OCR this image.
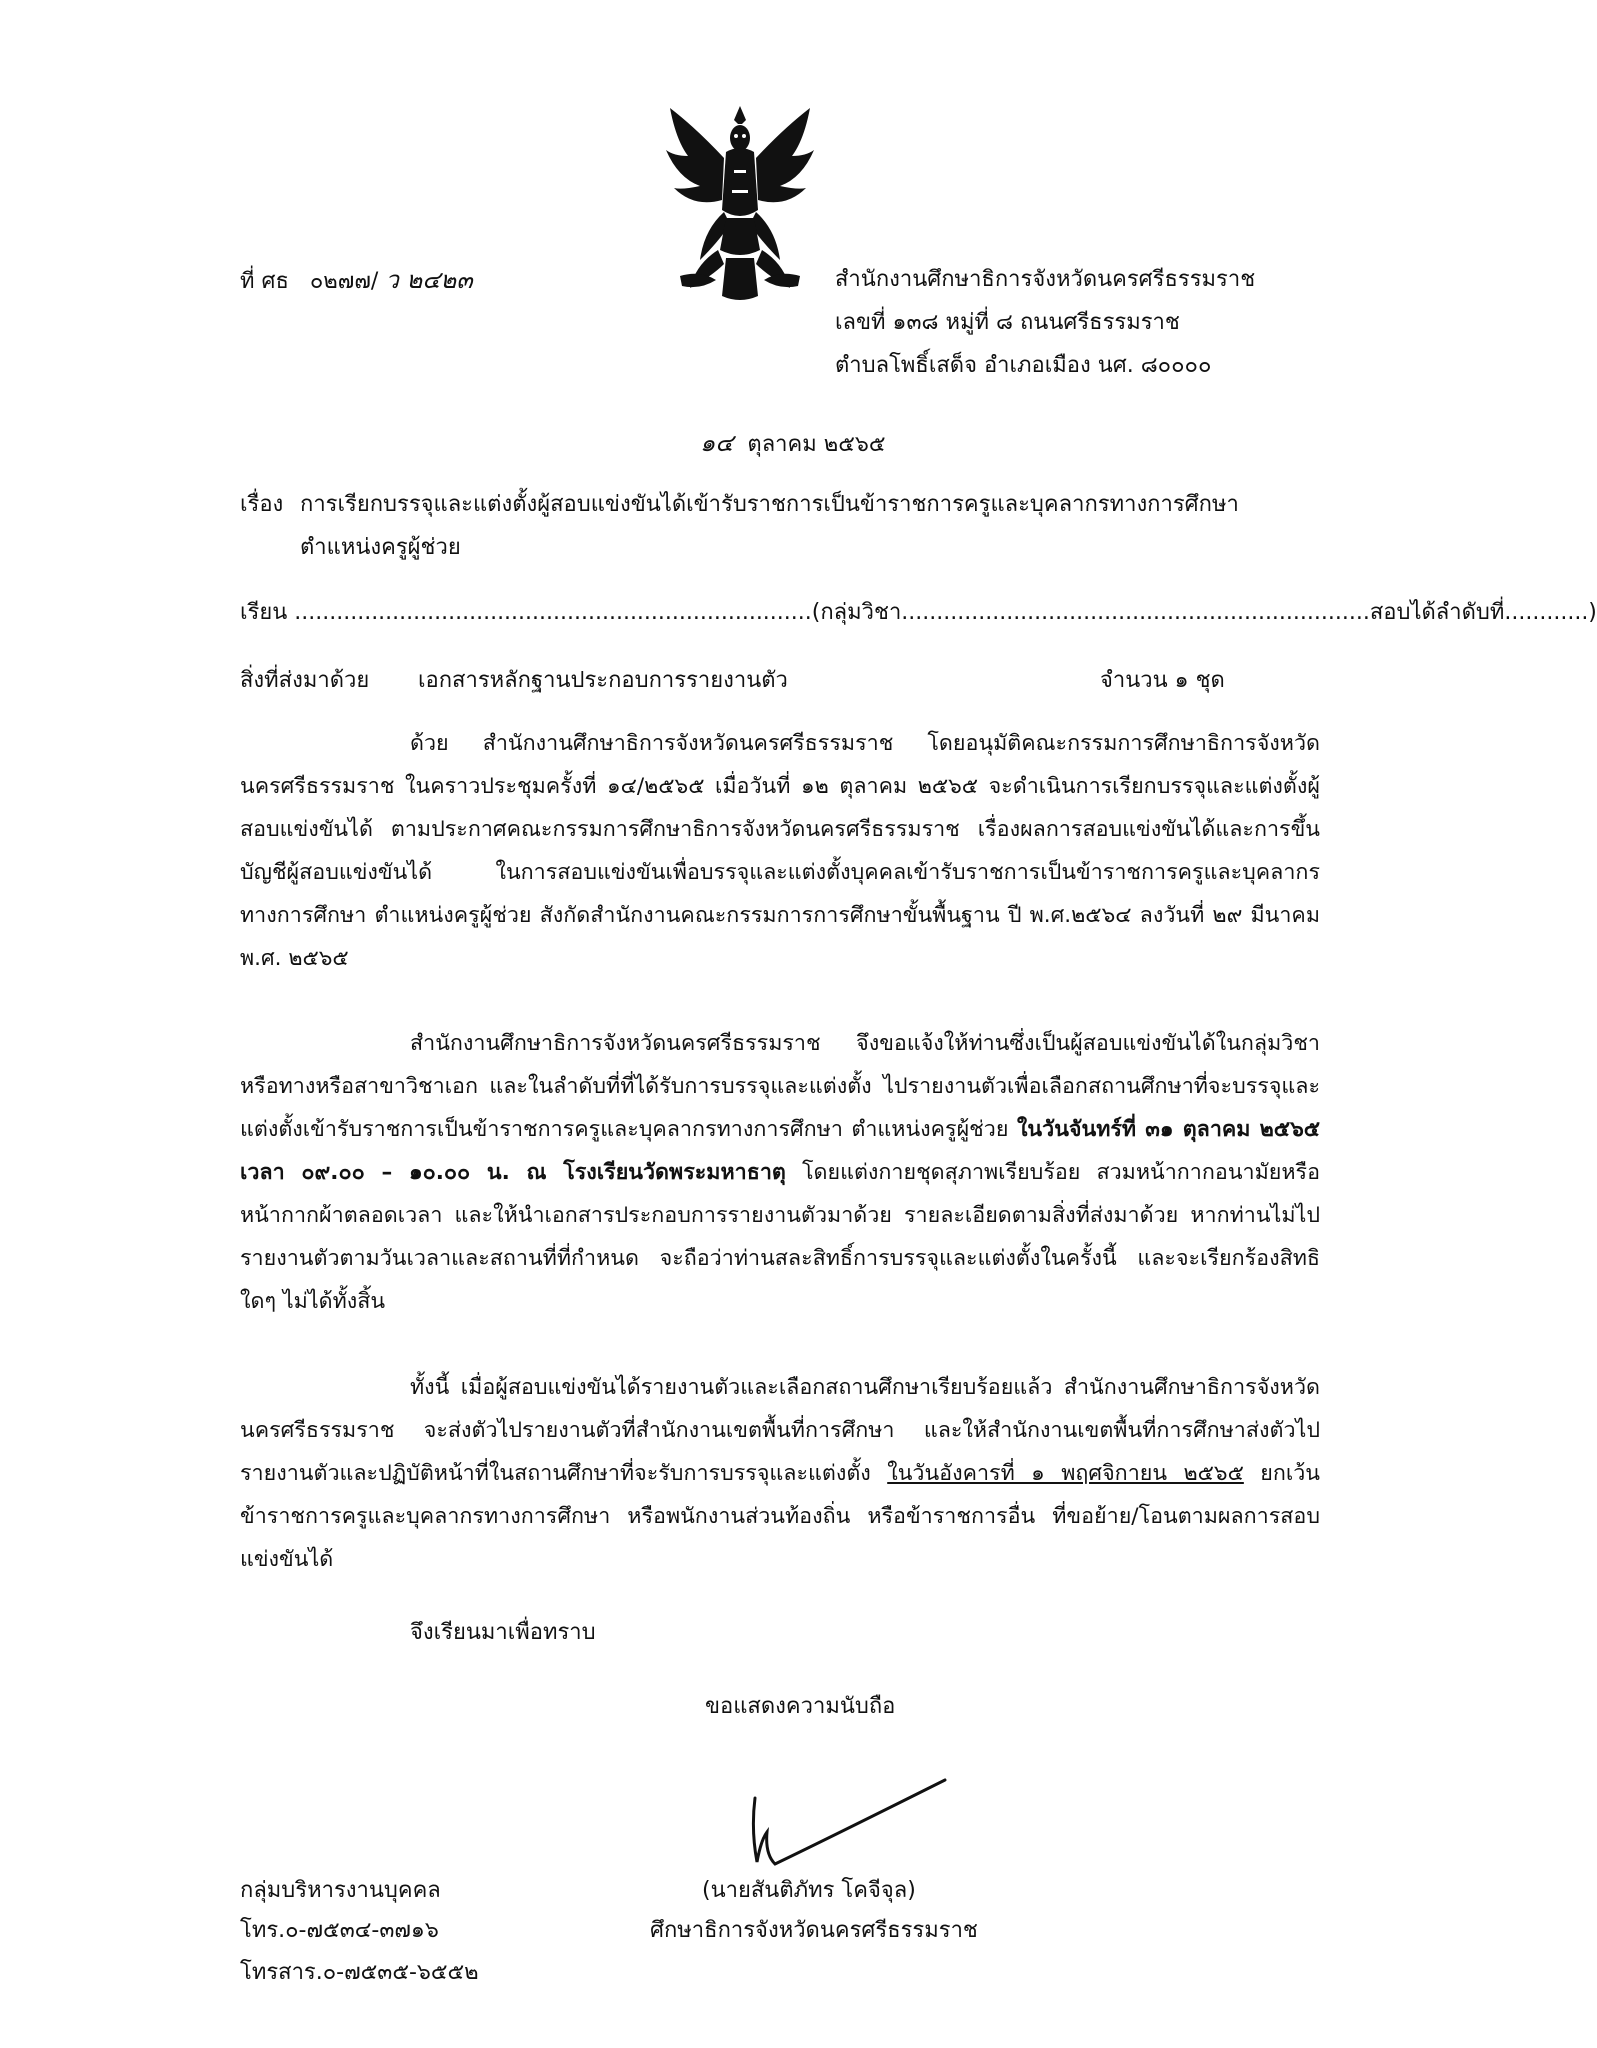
ที่ ศธ ๐๒๗๗/ ว ๒๔๒๓	สำนักงานศึกษาธิการจังหวัดนครศรีธรรมราช
เลขที่ ๑๓๘ หมู่ที่ ๘ ถนนศรีธรรมราช
ตำบลโพธิ์เสด็จ อำเภอเมือง นศ. ๘๐๐๐๐
๑๔ ตุลาคม ๒๕๖๕
เรื่อง การเรียกบรรจุและแต่งตั้งผู้สอบแข่งขันได้เข้ารับราชการเป็นข้าราชการครูและบุคลากรทางการศึกษา
ตำแหน่งครูผู้ช่วย
เรียน ..........................................................................(กลุ่มวิชา...................................................................สอบได้ลำดับที่............)
สิ่งที่ส่งมาด้วย เอกสารหลักฐานประกอบการรายงานตัว	จำนวน ๑ ชุด
ด้วย สำนักงานศึกษาธิการจังหวัดนครศรีธรรมราช โดยอนุมัติคณะกรรมการศึกษาธิการจังหวัดนครศรีธรรมราช ในคราวประชุมครั้งที่ ๑๔/๒๕๖๕ เมื่อวันที่ ๑๒ ตุลาคม ๒๕๖๕ จะดำเนินการเรียกบรรจุและแต่งตั้งผู้สอบแข่งขันได้ ตามประกาศคณะกรรมการศึกษาธิการจังหวัดนครศรีธรรมราช เรื่องผลการสอบแข่งขันได้และการขึ้นบัญชีผู้สอบแข่งขันได้ ในการสอบแข่งขันเพื่อบรรจุและแต่งตั้งบุคคลเข้ารับราชการเป็นข้าราชการครูและบุคลากรทางการศึกษา ตำแหน่งครูผู้ช่วย สังกัดสำนักงานคณะกรรมการการศึกษาขั้นพื้นฐาน ปี พ.ศ.๒๕๖๔ ลงวันที่ ๒๙ มีนาคม พ.ศ. ๒๕๖๕
สำนักงานศึกษาธิการจังหวัดนครศรีธรรมราช จึงขอแจ้งให้ท่านซึ่งเป็นผู้สอบแข่งขันได้ในกลุ่มวิชาหรือทางหรือสาขาวิชาเอก และในลำดับที่ที่ได้รับการบรรจุและแต่งตั้ง ไปรายงานตัวเพื่อเลือกสถานศึกษาที่จะบรรจุและแต่งตั้งเข้ารับราชการเป็นข้าราชการครูและบุคลากรทางการศึกษา ตำแหน่งครูผู้ช่วย ในวันจันทร์ที่ ๓๑ ตุลาคม ๒๕๖๕ เวลา ๐๙.๐๐ – ๑๐.๐๐ น. ณ โรงเรียนวัดพระมหาธาตุ โดยแต่งกายชุดสุภาพเรียบร้อย สวมหน้ากากอนามัยหรือหน้ากากผ้าตลอดเวลา และให้นำเอกสารประกอบการรายงานตัวมาด้วย รายละเอียดตามสิ่งที่ส่งมาด้วย หากท่านไม่ไปรายงานตัวตามวันเวลาและสถานที่ที่กำหนด จะถือว่าท่านสละสิทธิ์การบรรจุและแต่งตั้งในครั้งนี้ และจะเรียกร้องสิทธิใดๆ ไม่ได้ทั้งสิ้น
ทั้งนี้ เมื่อผู้สอบแข่งขันได้รายงานตัวและเลือกสถานศึกษาเรียบร้อยแล้ว สำนักงานศึกษาธิการจังหวัดนครศรีธรรมราช จะส่งตัวไปรายงานตัวที่สำนักงานเขตพื้นที่การศึกษา และให้สำนักงานเขตพื้นที่การศึกษาส่งตัวไปรายงานตัวและปฏิบัติหน้าที่ในสถานศึกษาที่จะรับการบรรจุและแต่งตั้ง ในวันอังคารที่ ๑ พฤศจิกายน ๒๕๖๕ ยกเว้นข้าราชการครูและบุคลากรทางการศึกษา หรือพนักงานส่วนท้องถิ่น หรือข้าราชการอื่น ที่ขอย้าย/โอนตามผลการสอบแข่งขันได้
จึงเรียนมาเพื่อทราบ
ขอแสดงความนับถือ
(นายสันติภัทร โคจีจุล)
ศึกษาธิการจังหวัดนครศรีธรรมราช
กลุ่มบริหารงานบุคคล
โทร.๐-๗๕๓๔-๓๗๑๖
โทรสาร.๐-๗๕๓๕-๖๕๕๒
